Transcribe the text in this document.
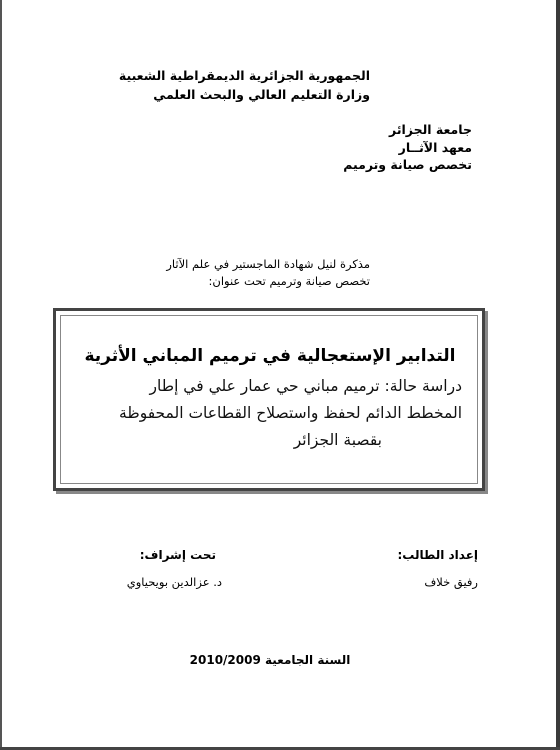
الجمهورية الجزائرية الديمقراطية الشعبية
وزارة التعليم العالي والبحث العلمي
جامعة الجزائر
معهد الآثــار
تخصص صيانة وترميم
مذكرة لنيل شهادة الماجستير في علم الآثار
تخصص صيانة وترميم تحت عنوان:
التدابير الإستعجالية في ترميم المباني الأثرية
دراسة حالة: ترميم مباني حي عمار علي في إطار
المخطط الدائم لحفظ واستصلاح القطاعات المحفوظة
بقصبة الجزائر
إعداد الطالب:
رفيق خلاف
تحت إشراف:
د. عزالدين بويحياوي
السنة الجامعية 2010/2009
